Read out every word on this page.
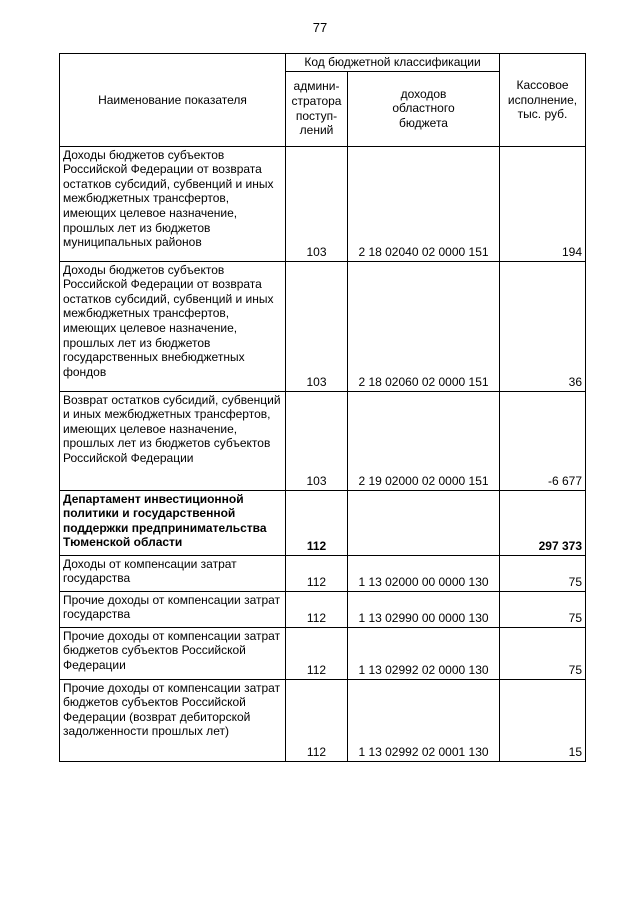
77
Наименование показателя	Код бюджетной классификации		Кассовое
исполнение,
тыс. руб.
	админи-
стратора
поступ-
лений	доходов
областного
бюджета	
Доходы бюджетов субъектов Российской Федерации от возврата остатков субсидий, субвенций и иных межбюджетных трансфертов, имеющих целевое назначение, прошлых лет из бюджетов муниципальных районов	103	2 18 02040 02 0000 151	194
Доходы бюджетов субъектов Российской Федерации от возврата остатков субсидий, субвенций и иных межбюджетных трансфертов, имеющих целевое назначение, прошлых лет из бюджетов государственных внебюджетных фондов	103	2 18 02060 02 0000 151	36
Возврат остатков субсидий, субвенций и иных межбюджетных трансфертов, имеющих целевое назначение, прошлых лет из бюджетов субъектов Российской Федерации	103	2 19 02000 02 0000 151	-6 677
Департамент инвестиционной политики и государственной поддержки предпринимательства Тюменской области	112		297 373
Доходы от компенсации затрат государства	112	1 13 02000 00 0000 130	75
Прочие доходы от компенсации затрат государства	112	1 13 02990 00 0000 130	75
Прочие доходы от компенсации затрат бюджетов субъектов Российской Федерации	112	1 13 02992 02 0000 130	75
Прочие доходы от компенсации затрат бюджетов субъектов Российской Федерации (возврат дебиторской задолженности прошлых лет)	112	1 13 02992 02 0001 130	15
